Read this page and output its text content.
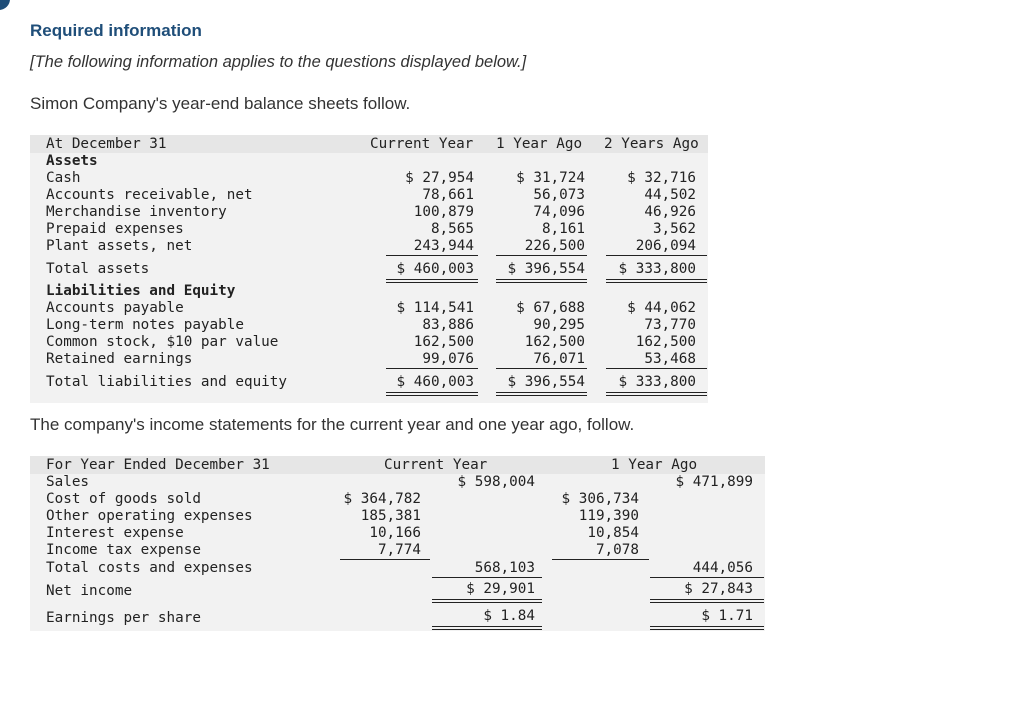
Required information
[The following information applies to the questions displayed below.]
Simon Company's year-end balance sheets follow.
At December 31	Current Year 1 Year Ago 2 Years Ago
Assets
Cash	$ 27,954	$ 31,724	$ 32,716
Accounts receivable, net	78,661	56,073	44,502
Merchandise inventory	100,879	74,096	46,926
Prepaid expenses	8,565	8,161	3,562
Plant assets, net	243,944	226,500	206,094
Total assets	$ 460,003	$ 396,554	$ 333,800
Liabilities and Equity
Accounts payable	$ 114,541	$ 67,688	$ 44,062
Long-term notes payable	83,886	90,295	73,770
Common stock, $10 par value	162,500	162,500	162,500
Retained earnings	99,076	76,071	53,468
Total liabilities and equity	$ 460,003	$ 396,554	$ 333,800
The company's income statements for the current year and one year ago, follow.
For Year Ended December 31	Current Year	1 Year Ago
Sales	$ 598,004	$ 471,899
Cost of goods sold	$ 364,782	$ 306,734
Other operating expenses	185,381	119,390
Interest expense	10,166	10,854
Income tax expense	7,774	7,078
Total costs and expenses	568,103	444,056
Net income	$ 29,901	$ 27,843
Earnings per share	$ 1.84	$ 1.71
